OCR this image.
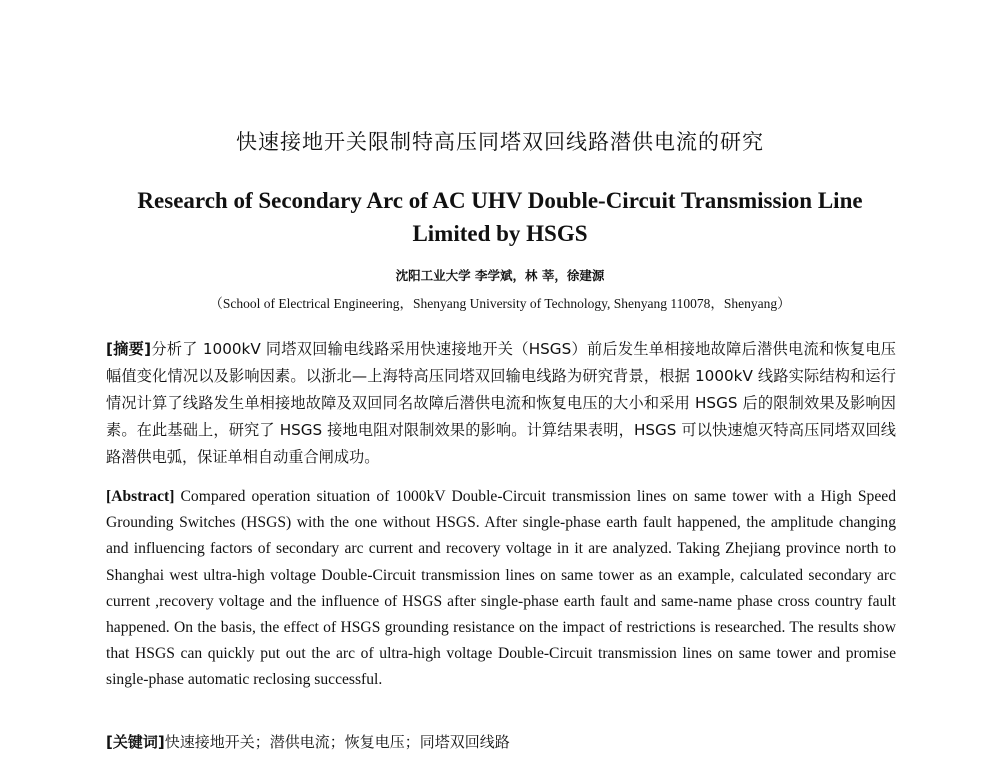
快速接地开关限制特高压同塔双回线路潜供电流的研究
Research of Secondary Arc of AC UHV Double-Circuit Transmission Line
Limited by HSGS
沈阳工业大学 李学斌，林 莘，徐建源
（School of Electrical Engineering，Shenyang University of Technology, Shenyang 110078，Shenyang）
[摘要]分析了 1000kV 同塔双回输电线路采用快速接地开关（HSGS）前后发生单相接地故障后潜供电流和恢复电压幅值变化情况以及影响因素。以浙北—上海特高压同塔双回输电线路为研究背景，根据 1000kV 线路实际结构和运行情况计算了线路发生单相接地故障及双回同名故障后潜供电流和恢复电压的大小和采用 HSGS 后的限制效果及影响因素。在此基础上，研究了 HSGS 接地电阻对限制效果的影响。计算结果表明，HSGS 可以快速熄灭特高压同塔双回线路潜供电弧，保证单相自动重合闸成功。
[Abstract] Compared operation situation of 1000kV Double-Circuit transmission lines on same tower with a High Speed Grounding Switches (HSGS) with the one without HSGS. After single-phase earth fault happened, the amplitude changing and influencing factors of secondary arc current and recovery voltage in it are analyzed. Taking Zhejiang province north to Shanghai west ultra-high voltage Double-Circuit transmission lines on same tower as an example, calculated secondary arc current ,recovery voltage and the influence of HSGS after single-phase earth fault and same-name phase cross country fault happened. On the basis, the effect of HSGS grounding resistance on the impact of restrictions is researched. The results show that HSGS can quickly put out the arc of ultra-high voltage Double-Circuit transmission lines on same tower and promise single-phase automatic reclosing successful.
[关键词]快速接地开关；潜供电流；恢复电压；同塔双回线路
